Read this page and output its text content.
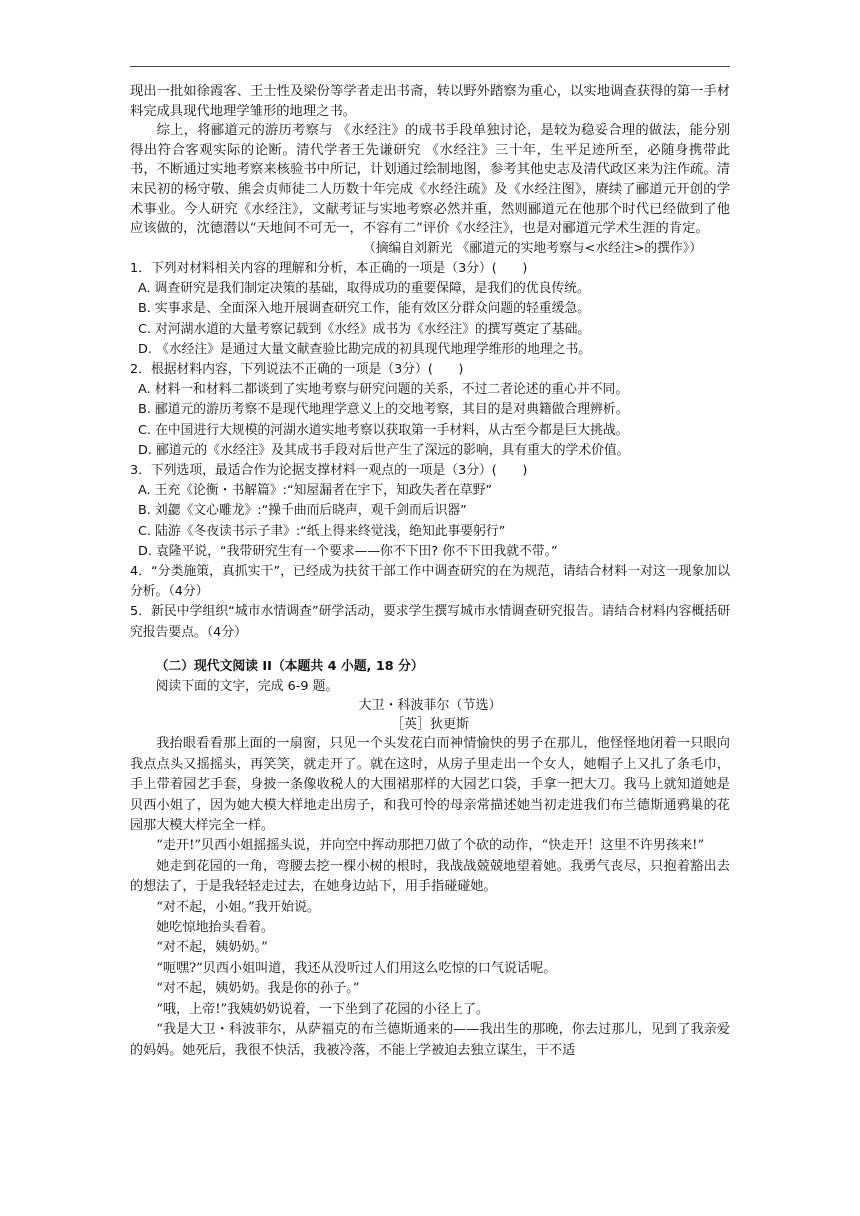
现出一批如徐霞客、王士性及梁份等学者走出书斋，转以野外踏察为重心，以实地调查获得的第一手材料完成具现代地理学雏形的地理之书。

综上，将郦道元的游历考察与 《水经注》的成书手段单独讨论，是较为稳妥合理的做法，能分别得出符合客观实际的论断。清代学者王先谦研究 《水经注》三十年，生平足迹所至，必随身携带此书，不断通过实地考察来核验书中所记，计划通过绘制地图，参考其他史志及清代政区来为注作疏。清末民初的杨守敬、熊会贞师徒二人历数十年完成《水经注疏》及《水经注图》，赓续了郦道元开创的学术事业。今人研究《水经注》，文献考证与实地考察必然并重，然则郦道元在他那个时代已经做到了他应该做的，沈德潜以“天地间不可无一，不容有二”评价《水经注》，也是对郦道元学术生涯的肯定。

（摘编自刘新光 《郦道元的实地考察与<水经注>的撰作》）

1．下列对材料相关内容的理解和分析，本正确的一项是（3分）(　　)

A. 调查研究是我们制定决策的基础，取得成功的重要保障，是我们的优良传统。

B. 实事求是、全面深入地开展调查研究工作，能有效区分群众问题的轻重缓急。

C. 对河湖水道的大量考察记载到《水经》成书为《水经注》的撰写奠定了基础。

D. 《水经注》是通过大量文献查验比勘完成的初具现代地理学维形的地理之书。

2．根据材料内容，下列说法不正确的一项是（3分）(　　)

A. 材料一和材料二都谈到了实地考察与研究问题的关系，不过二者论述的重心并不同。

B. 郦道元的游历考察不是现代地理学意义上的交地考察，其目的是对典籍做合理辨析。

C. 在中国进行大规模的河湖水道实地考察以获取第一手材料，从古至今都是巨大挑战。

D. 郦道元的《水经注》及其成书手段对后世产生了深远的影响，具有重大的学术价值。

3．下列选项，最适合作为论据支撑材料一观点的一项是（3分）(　　)

A. 王充《论衡・书解篇》:“知屋漏者在宇下，知政失者在草野”

B. 刘勰《文心雕龙》:“操千曲而后晓声，观千剑而后识器”

C. 陆游《冬夜读书示子聿》:“纸上得来终觉浅，绝知此事要躬行”

D. 袁隆平说，“我带研究生有一个要求——你不下田? 你不下田我就不带。”

4．“分类施策，真抓实干”，已经成为扶贫干部工作中调查研究的在为规范，请结合材料一对这一现象加以分析。（4分）

5．新民中学组织“城市水情调查”研学活动，要求学生撰写城市水情调查研究报告。请结合材料内容概括研究报告要点。（4分）

（二）现代文阅读 II（本题共 4 小题, 18 分）

阅读下面的文字，完成 6-9 题。

大卫・科波菲尔（节选）

［英］狄更斯

我抬眼看看那上面的一扇窗，只见一个头发花白而神情愉快的男子在那儿，他怪怪地闭着一只眼向我点点头又摇摇头，再笑笑，就走开了。就在这时，从房子里走出一个女人，她帽子上又扎了条毛巾，手上带着园艺手套，身披一条像收税人的大围裙那样的大园艺口袋，手拿一把大刀。我马上就知道她是贝西小姐了，因为她大模大样地走出房子，和我可怜的母亲常描述她当初走进我们布兰德斯通鸦巢的花园那大模大样完全一样。

“走开!”贝西小姐摇摇头说，并向空中挥动那把刀做了个砍的动作，“快走开！这里不许男孩来!”

她走到花园的一角，弯腰去挖一棵小树的根时，我战战兢兢地望着她。我勇气丧尽，只抱着豁出去的想法了，于是我轻轻走过去，在她身边站下，用手指碰碰她。

“对不起，小姐。”我开始说。

她吃惊地抬头看着。

“对不起，姨奶奶。”

“呃嘿?”贝西小姐叫道，我还从没听过人们用这么吃惊的口气说话呢。

“对不起，姨奶奶。我是你的孙子。”

“哦，上帝!”我姨奶奶说着，一下坐到了花园的小径上了。

“我是大卫・科波菲尔，从萨福克的布兰德斯通来的——我出生的那晚，你去过那儿，见到了我亲爱的妈妈。她死后，我很不快活，我被冷落，不能上学被迫去独立谋生，干不适
